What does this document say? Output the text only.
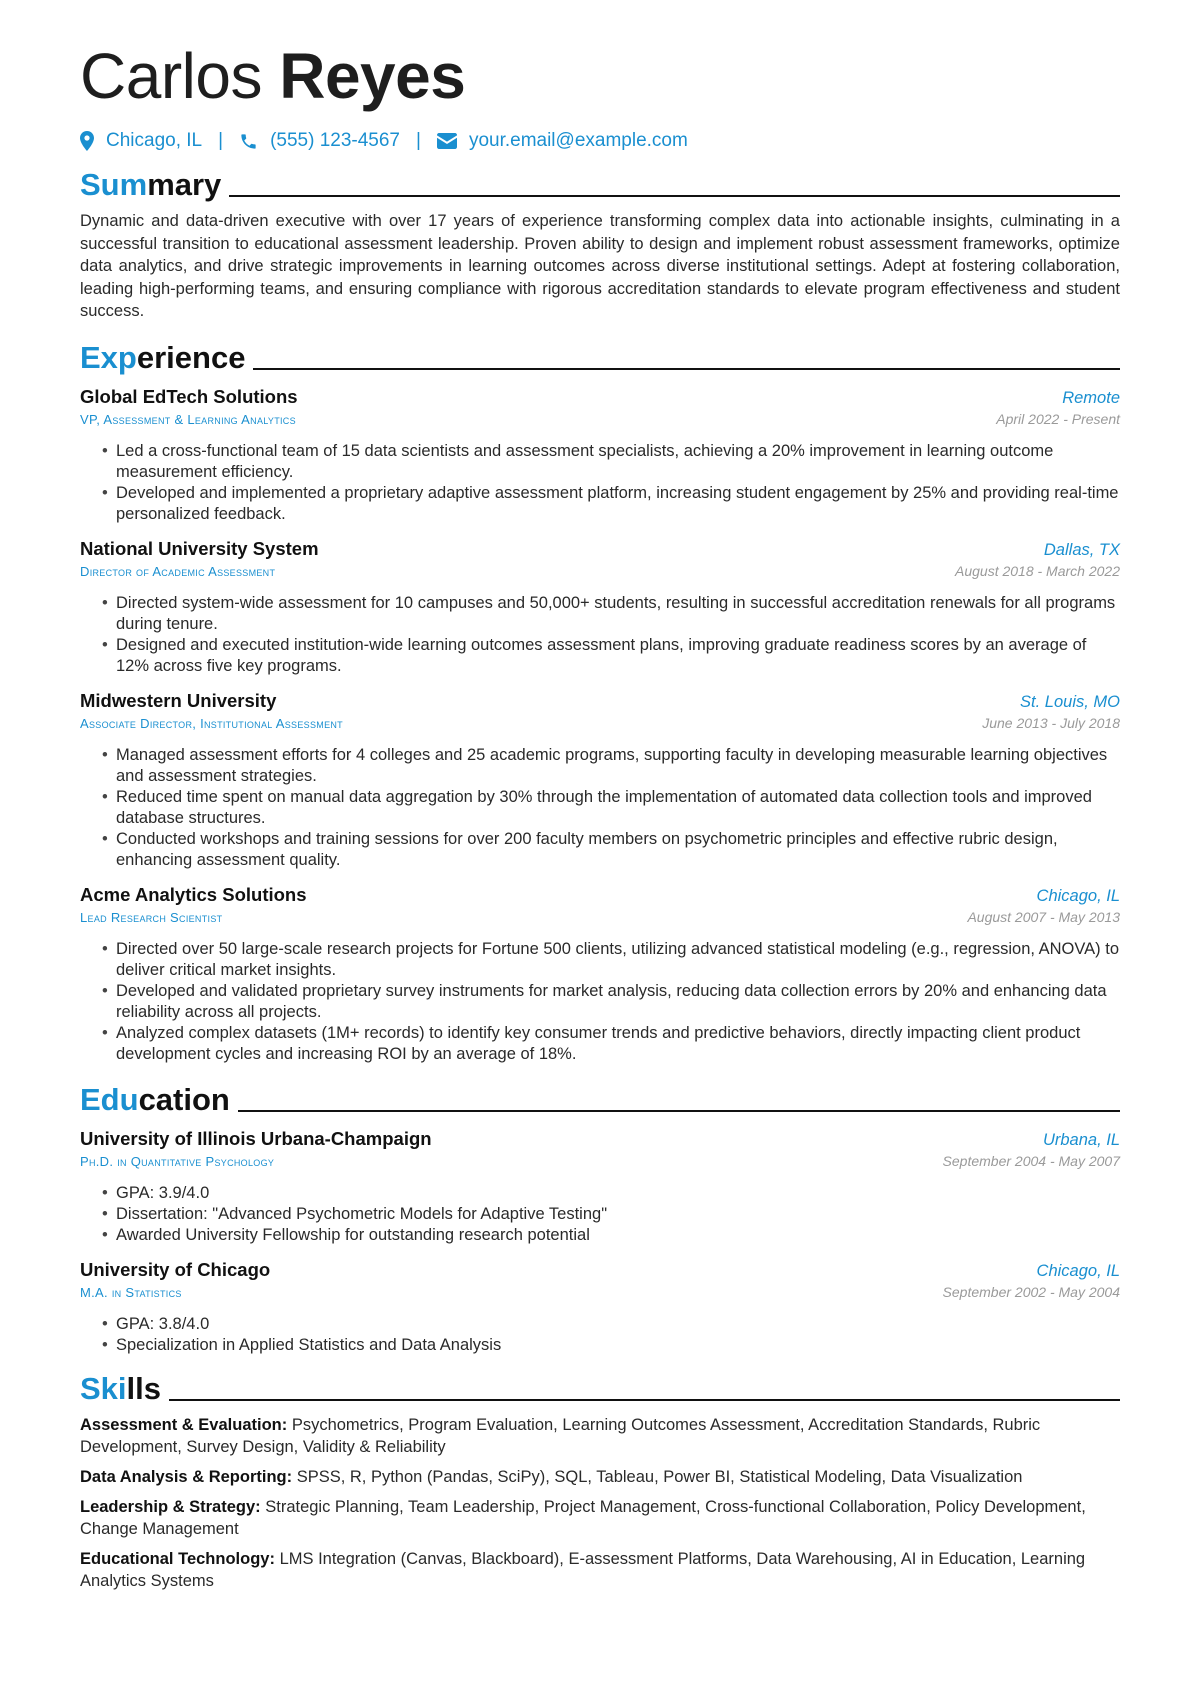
Carlos Reyes
Chicago, IL | (555) 123-4567 |	your.email@example.com
Summary

Dynamic and data-driven executive with over 17 years of experience transforming complex data into actionable insights, culminating in a successful transition to educational assessment leadership. Proven ability to design and implement robust assessment frameworks, optimize data analytics, and drive strategic improvements in learning outcomes across diverse institutional settings. Adept at fostering collaboration, leading high-performing teams, and ensuring compliance with rigorous accreditation standards to elevate program effectiveness and student success.

Experience
Global EdTech Solutions	Remote
VP, Assessment & Learning Analytics	April 2022 - Present
• Led a cross-functional team of 15 data scientists and assessment specialists, achieving a 20% improvement in learning outcome measurement efficiency.
• Developed and implemented a proprietary adaptive assessment platform, increasing student engagement by 25% and providing real-time personalized feedback.
National University System	Dallas, TX
Director of Academic Assessment	August 2018 - March 2022
• Directed system-wide assessment for 10 campuses and 50,000+ students, resulting in successful accreditation renewals for all programs during tenure.
• Designed and executed institution-wide learning outcomes assessment plans, improving graduate readiness scores by an average of 12% across five key programs.
Midwestern University	St. Louis, MO
Associate Director, Institutional Assessment	June 2013 - July 2018
• Managed assessment efforts for 4 colleges and 25 academic programs, supporting faculty in developing measurable learning objectives and assessment strategies.
• Reduced time spent on manual data aggregation by 30% through the implementation of automated data collection tools and improved database structures.
• Conducted workshops and training sessions for over 200 faculty members on psychometric principles and effective rubric design, enhancing assessment quality.
Acme Analytics Solutions	Chicago, IL
Lead Research Scientist	August 2007 - May 2013
• Directed over 50 large-scale research projects for Fortune 500 clients, utilizing advanced statistical modeling (e.g., regression, ANOVA) to deliver critical market insights.
• Developed and validated proprietary survey instruments for market analysis, reducing data collection errors by 20% and enhancing data reliability across all projects.
• Analyzed complex datasets (1M+ records) to identify key consumer trends and predictive behaviors, directly impacting client product development cycles and increasing ROI by an average of 18%.
Education
University of Illinois Urbana-Champaign	Urbana, IL
Ph.D. in Quantitative Psychology	September 2004 - May 2007
• GPA: 3.9/4.0
• Dissertation: "Advanced Psychometric Models for Adaptive Testing"
• Awarded University Fellowship for outstanding research potential
University of Chicago	Chicago, IL
M.A. in Statistics	September 2002 - May 2004
• GPA: 3.8/4.0
• Specialization in Applied Statistics and Data Analysis
Skills

Assessment & Evaluation: Psychometrics, Program Evaluation, Learning Outcomes Assessment, Accreditation Standards, Rubric Development, Survey Design, Validity & Reliability

Data Analysis & Reporting: SPSS, R, Python (Pandas, SciPy), SQL, Tableau, Power BI, Statistical Modeling, Data Visualization

Leadership & Strategy: Strategic Planning, Team Leadership, Project Management, Cross-functional Collaboration, Policy Development, Change Management

Educational Technology: LMS Integration (Canvas, Blackboard), E-assessment Platforms, Data Warehousing, AI in Education, Learning Analytics Systems
